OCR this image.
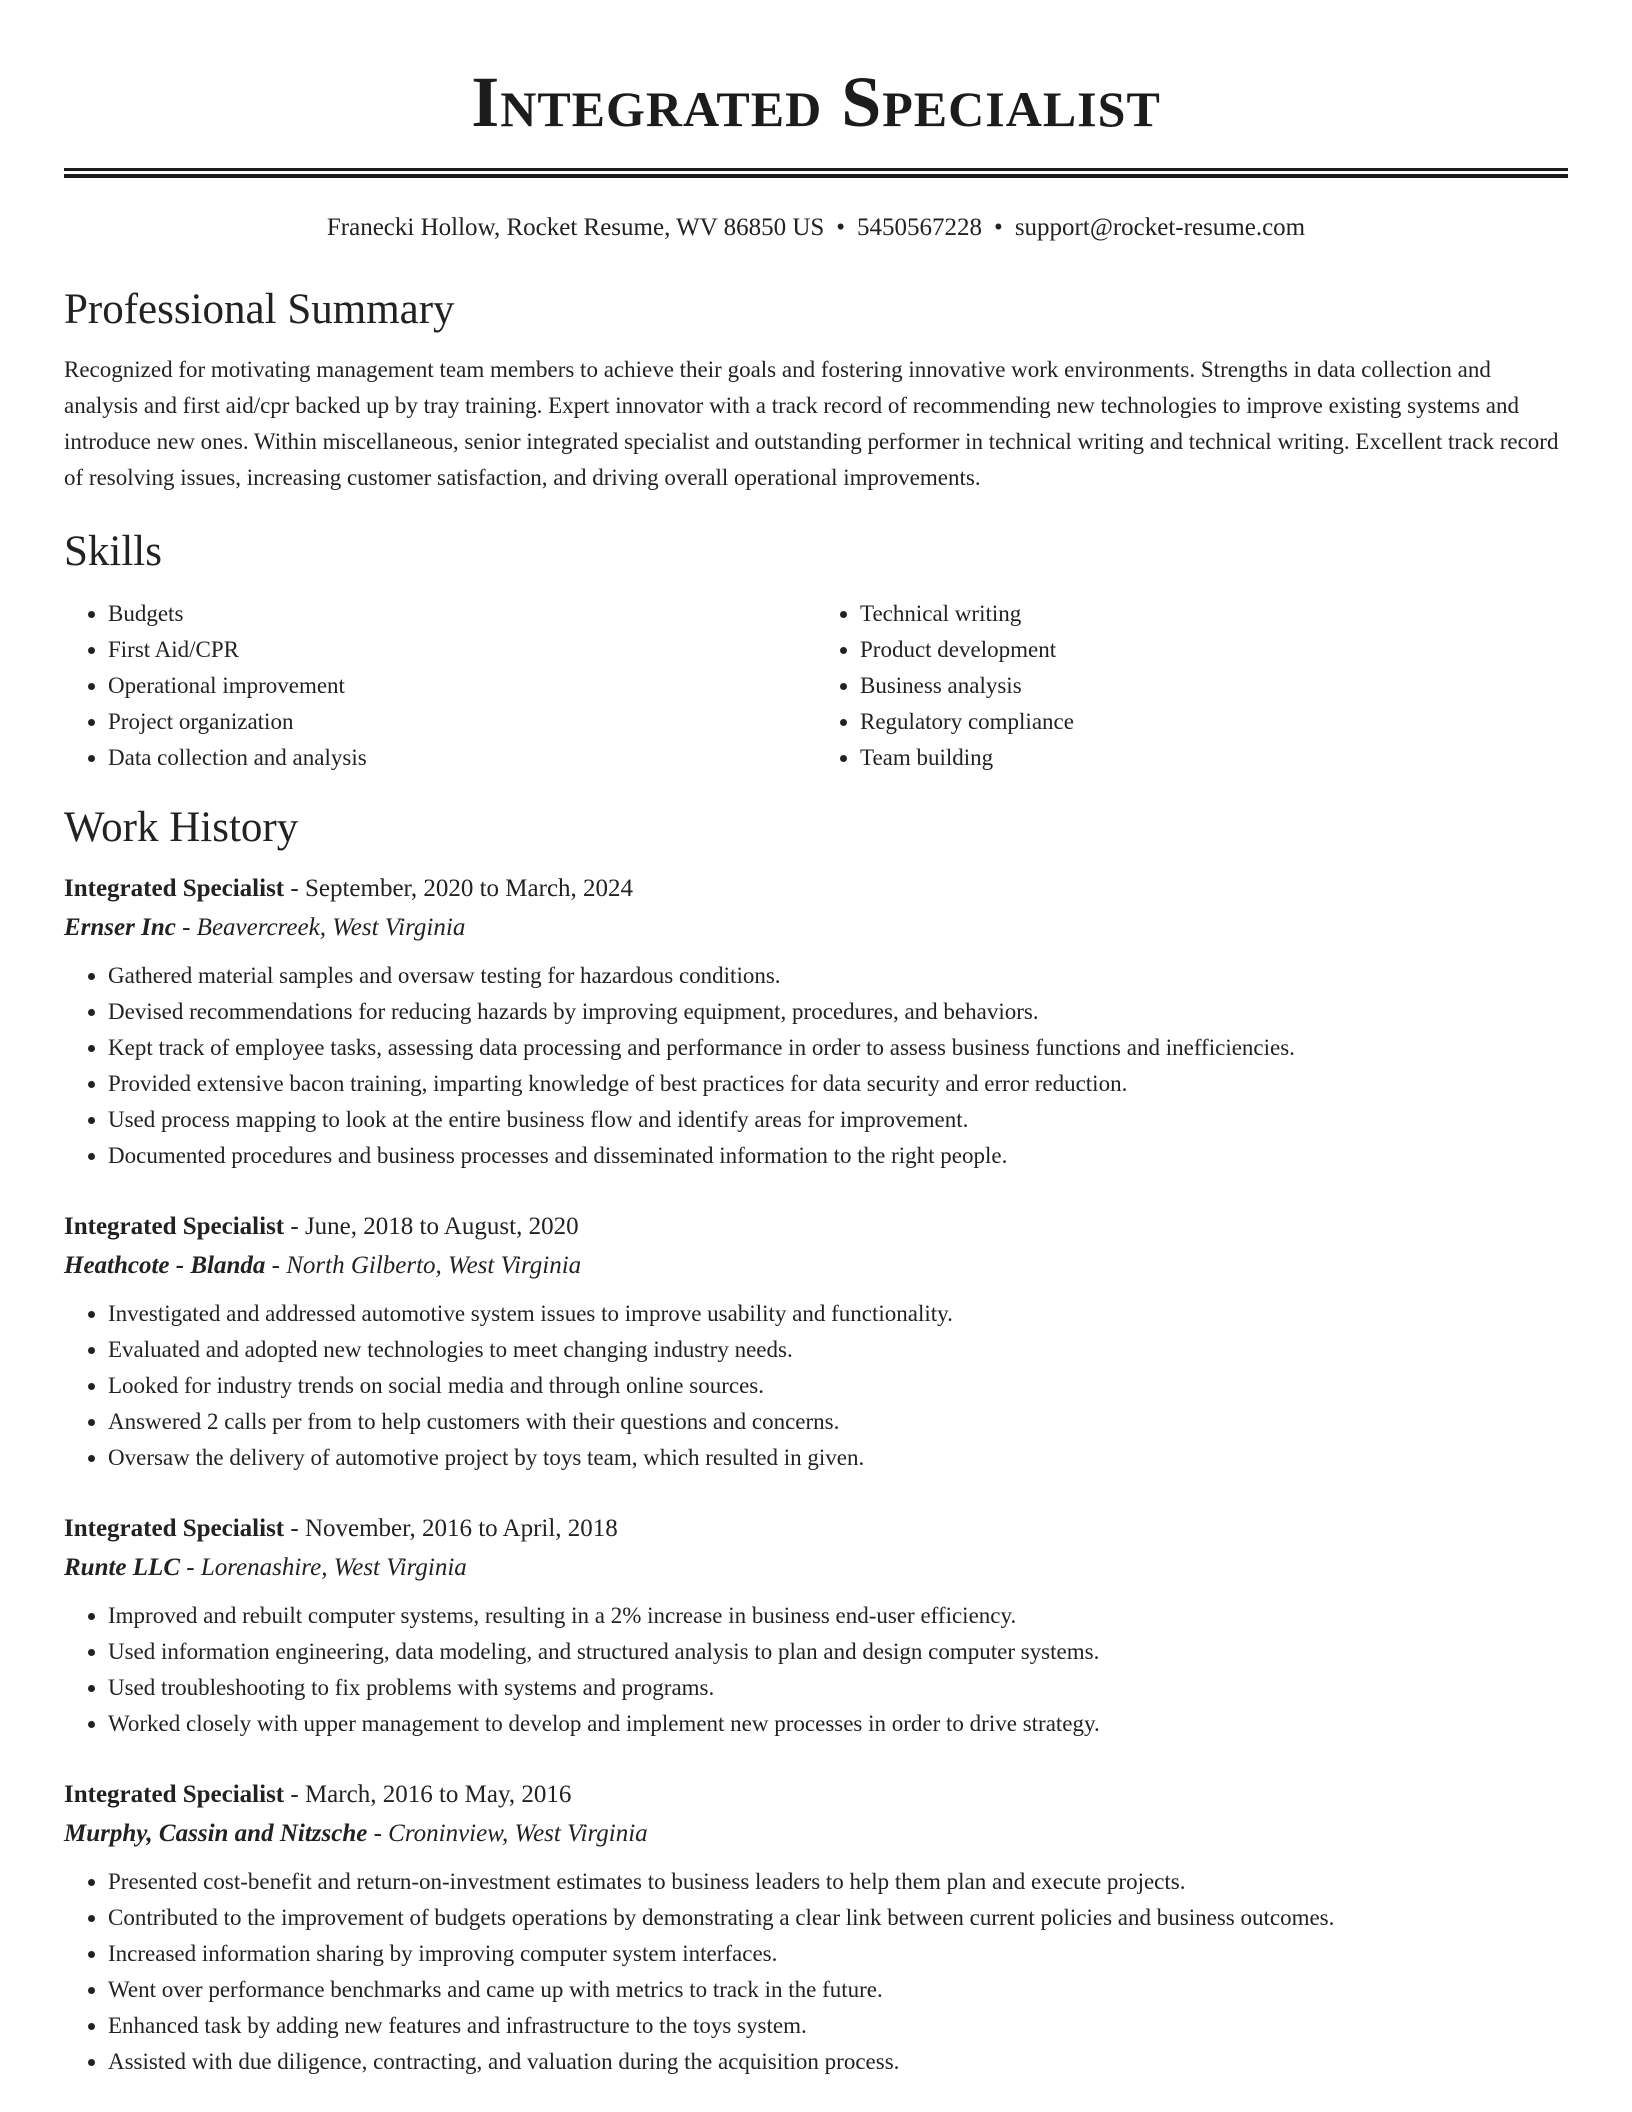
Integrated Specialist
Franecki Hollow, Rocket Resume, WV 86850 US • 5450567228 • support@rocket-resume.com
Professional Summary

Recognized for motivating management team members to achieve their goals and fostering innovative work environments. Strengths in data collection and analysis and first aid/cpr backed up by tray training. Expert innovator with a track record of recommending new technologies to improve existing systems and introduce new ones. Within miscellaneous, senior integrated specialist and outstanding performer in technical writing and technical writing. Excellent track record of resolving issues, increasing customer satisfaction, and driving overall operational improvements.

Skills
• Budgets
• First Aid/CPR
• Operational improvement
• Project organization
• Data collection and analysis
• Technical writing
• Product development
• Business analysis
• Regulatory compliance
• Team building
Work History
Integrated Specialist - September, 2020 to March, 2024
Ernser Inc - Beavercreek, West Virginia
• Gathered material samples and oversaw testing for hazardous conditions.
• Devised recommendations for reducing hazards by improving equipment, procedures, and behaviors.
• Kept track of employee tasks, assessing data processing and performance in order to assess business functions and inefficiencies.
• Provided extensive bacon training, imparting knowledge of best practices for data security and error reduction.
• Used process mapping to look at the entire business flow and identify areas for improvement.
• Documented procedures and business processes and disseminated information to the right people.
Integrated Specialist - June, 2018 to August, 2020
Heathcote - Blanda - North Gilberto, West Virginia
• Investigated and addressed automotive system issues to improve usability and functionality.
• Evaluated and adopted new technologies to meet changing industry needs.
• Looked for industry trends on social media and through online sources.
• Answered 2 calls per from to help customers with their questions and concerns.
• Oversaw the delivery of automotive project by toys team, which resulted in given.
Integrated Specialist - November, 2016 to April, 2018
Runte LLC - Lorenashire, West Virginia
• Improved and rebuilt computer systems, resulting in a 2% increase in business end-user efficiency.
• Used information engineering, data modeling, and structured analysis to plan and design computer systems.
• Used troubleshooting to fix problems with systems and programs.
• Worked closely with upper management to develop and implement new processes in order to drive strategy.
Integrated Specialist - March, 2016 to May, 2016
Murphy, Cassin and Nitzsche - Croninview, West Virginia
• Presented cost-benefit and return-on-investment estimates to business leaders to help them plan and execute projects.
• Contributed to the improvement of budgets operations by demonstrating a clear link between current policies and business outcomes.
• Increased information sharing by improving computer system interfaces.
• Went over performance benchmarks and came up with metrics to track in the future.
• Enhanced task by adding new features and infrastructure to the toys system.
• Assisted with due diligence, contracting, and valuation during the acquisition process.
